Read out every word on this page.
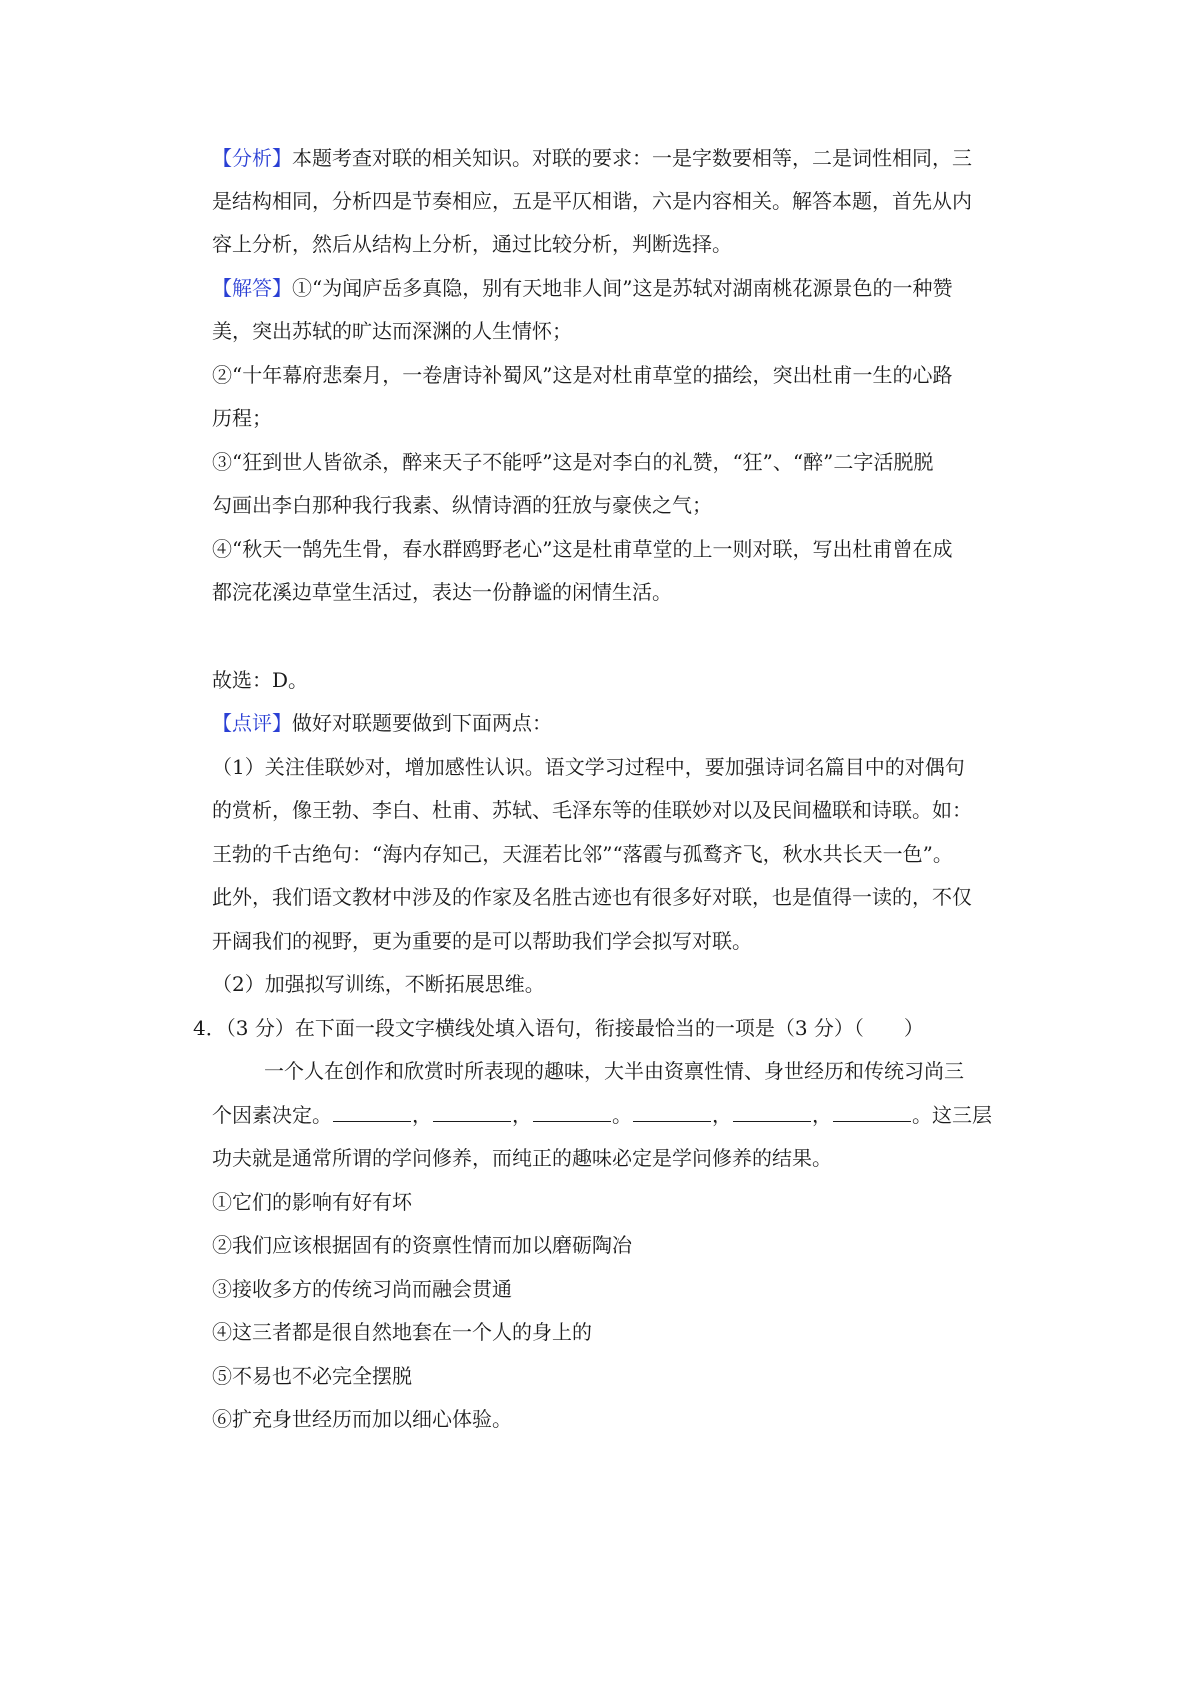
【分析】本题考查对联的相关知识。对联的要求：一是字数要相等，二是词性相同，三
是结构相同，分析四是节奏相应，五是平仄相谐，六是内容相关。解答本题，首先从内
容上分析，然后从结构上分析，通过比较分析，判断选择。
【解答】①“为闻庐岳多真隐，别有天地非人间”这是苏轼对湖南桃花源景色的一种赞
美，突出苏轼的旷达而深渊的人生情怀；
②“十年幕府悲秦月，一卷唐诗补蜀风”这是对杜甫草堂的描绘，突出杜甫一生的心路
历程；
③“狂到世人皆欲杀，醉来天子不能呼”这是对李白的礼赞，“狂”、“醉”二字活脱脱
勾画出李白那种我行我素、纵情诗酒的狂放与豪侠之气；
④“秋天一鹄先生骨，春水群鸥野老心”这是杜甫草堂的上一则对联，写出杜甫曾在成
都浣花溪边草堂生活过，表达一份静谧的闲情生活。
故选：D。
【点评】做好对联题要做到下面两点：
（1）关注佳联妙对，增加感性认识。语文学习过程中，要加强诗词名篇目中的对偶句
的赏析，像王勃、李白、杜甫、苏轼、毛泽东等的佳联妙对以及民间楹联和诗联。如：
王勃的千古绝句：“海内存知己，天涯若比邻”“落霞与孤鹜齐飞，秋水共长天一色”。
此外，我们语文教材中涉及的作家及名胜古迹也有很多好对联，也是值得一读的，不仅
开阔我们的视野，更为重要的是可以帮助我们学会拟写对联。
（2）加强拟写训练，不断拓展思维。
4．（3 分）在下面一段文字横线处填入语句，衔接最恰当的一项是（3 分）（　　）
一个人在创作和欣赏时所表现的趣味，大半由资禀性情、身世经历和传统习尚三
个因素决定。	，	，	。	，	，	。这三层
功夫就是通常所谓的学问修养，而纯正的趣味必定是学问修养的结果。
①它们的影响有好有坏
②我们应该根据固有的资禀性情而加以磨砺陶冶
③接收多方的传统习尚而融会贯通
④这三者都是很自然地套在一个人的身上的
⑤不易也不必完全摆脱
⑥扩充身世经历而加以细心体验。
